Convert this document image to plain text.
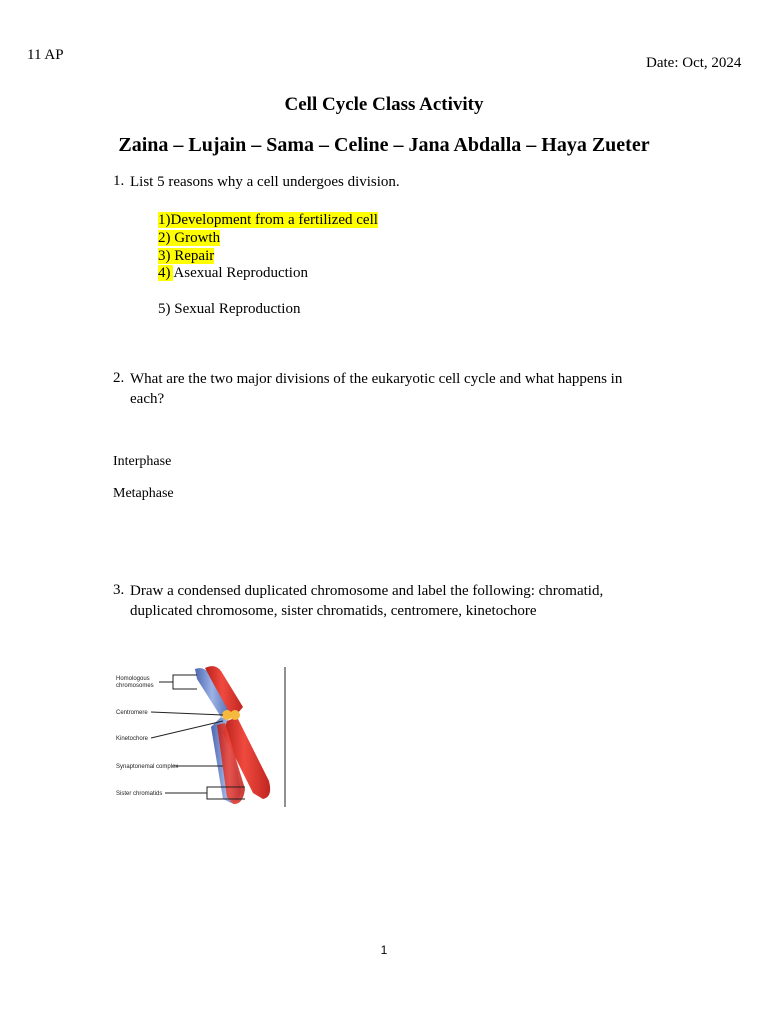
11 AP	Date: Oct, 2024
Cell Cycle Class Activity
Zaina – Lujain – Sama – Celine – Jana Abdalla – Haya Zueter
1. List 5 reasons why a cell undergoes division.
1)Development from a fertilized cell
2) Growth
3) Repair
4) Asexual Reproduction
5) Sexual Reproduction
2. What are the two major divisions of the eukaryotic cell cycle and what happens in each?
Interphase
Metaphase
3. Draw a condensed duplicated chromosome and label the following: chromatid, duplicated chromosome, sister chromatids, centromere, kinetochore
Homologous
chromosomes
Centromere
Kinetochore
Synaptonemal complex
Sister chromatids
1
